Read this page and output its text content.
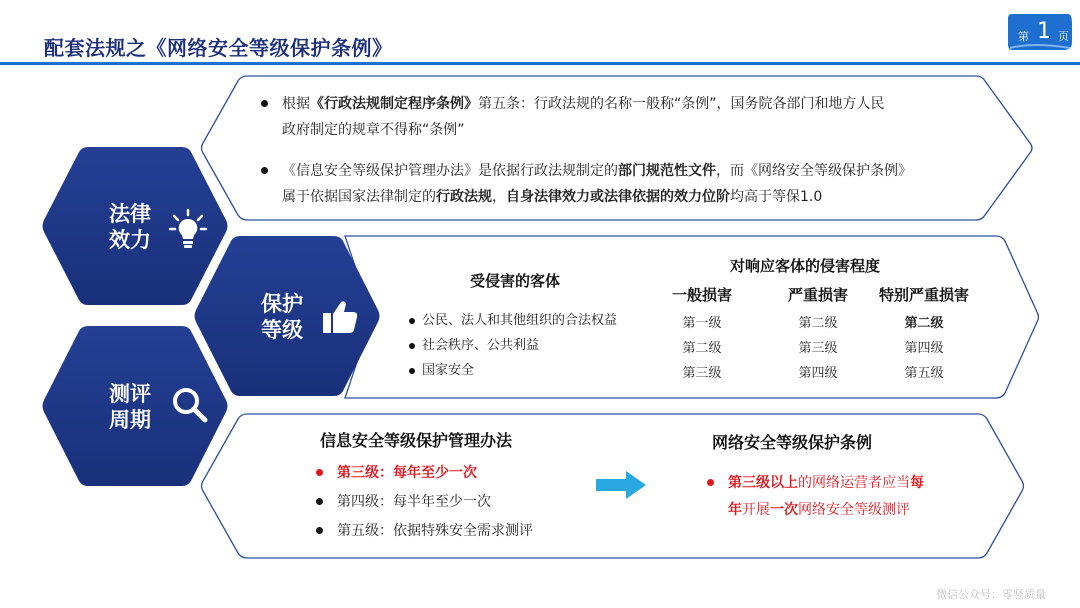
配套法规之《网络安全等级保护条例》	第 1 页
法律
效力
保护
等级
测评
周期
根据《行政法规制定程序条例》第五条：行政法规的名称一般称“条例”，国务院各部门和地方人民
政府制定的规章不得称“条例”
《信息安全等级保护管理办法》是依据行政法规制定的部门规范性文件，而《网络安全等级保护条例》
属于依据国家法律制定的行政法规，自身法律效力或法律依据的效力位阶均高于等保1.0
受侵害的客体
对响应客体的侵害程度
一般损害	严重损害	特别严重损害
公民、法人和其他组织的合法权益	第一级	第二级	第二级
社会秩序、公共利益	第二级	第三级	第四级
国家安全	第三级	第四级	第五级
信息安全等级保护管理办法
第三级：每年至少一次
第四级：每半年至少一次
第五级：依据特殊安全需求测评
网络安全等级保护条例
第三级以上的网络运营者应当每
年开展一次网络安全等级测评
微信公众号：零竖质量
